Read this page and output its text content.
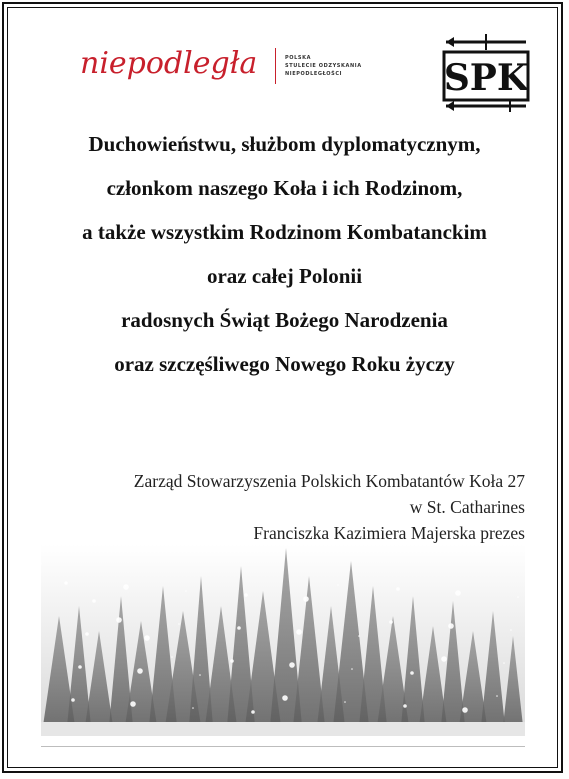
niepodległa	POLSKA
STULECIE ODZYSKANIA
NIEPODLEGŁOŚCI	SPK
Duchowieństwu, służbom dyplomatycznym,
członkom naszego Koła i ich Rodzinom,
a także wszystkim Rodzinom Kombatanckim
oraz całej Polonii
radosnych Świąt Bożego Narodzenia
oraz szczęśliwego Nowego Roku życzy
Zarząd Stowarzyszenia Polskich Kombatantów Koła 27
w St. Catharines
Franciszka Kazimiera Majerska prezes
